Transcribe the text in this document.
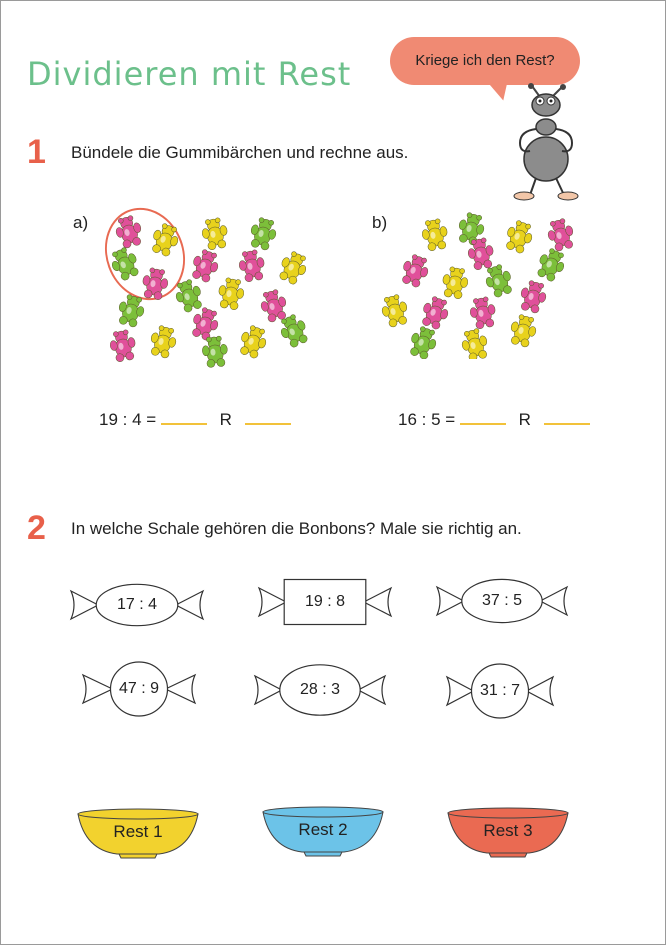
Dividieren mit Rest	Kriege ich den Rest?
1 Bündele die Gummibärchen und rechne aus.
a)	b)
19 : 4 =	R	16 : 5 =	R
2 In welche Schale gehören die Bonbons? Male sie richtig an.
17 : 4	19 : 8	37 : 5
47 : 9	28 : 3	31 : 7
Rest 1	Rest 2	Rest 3
